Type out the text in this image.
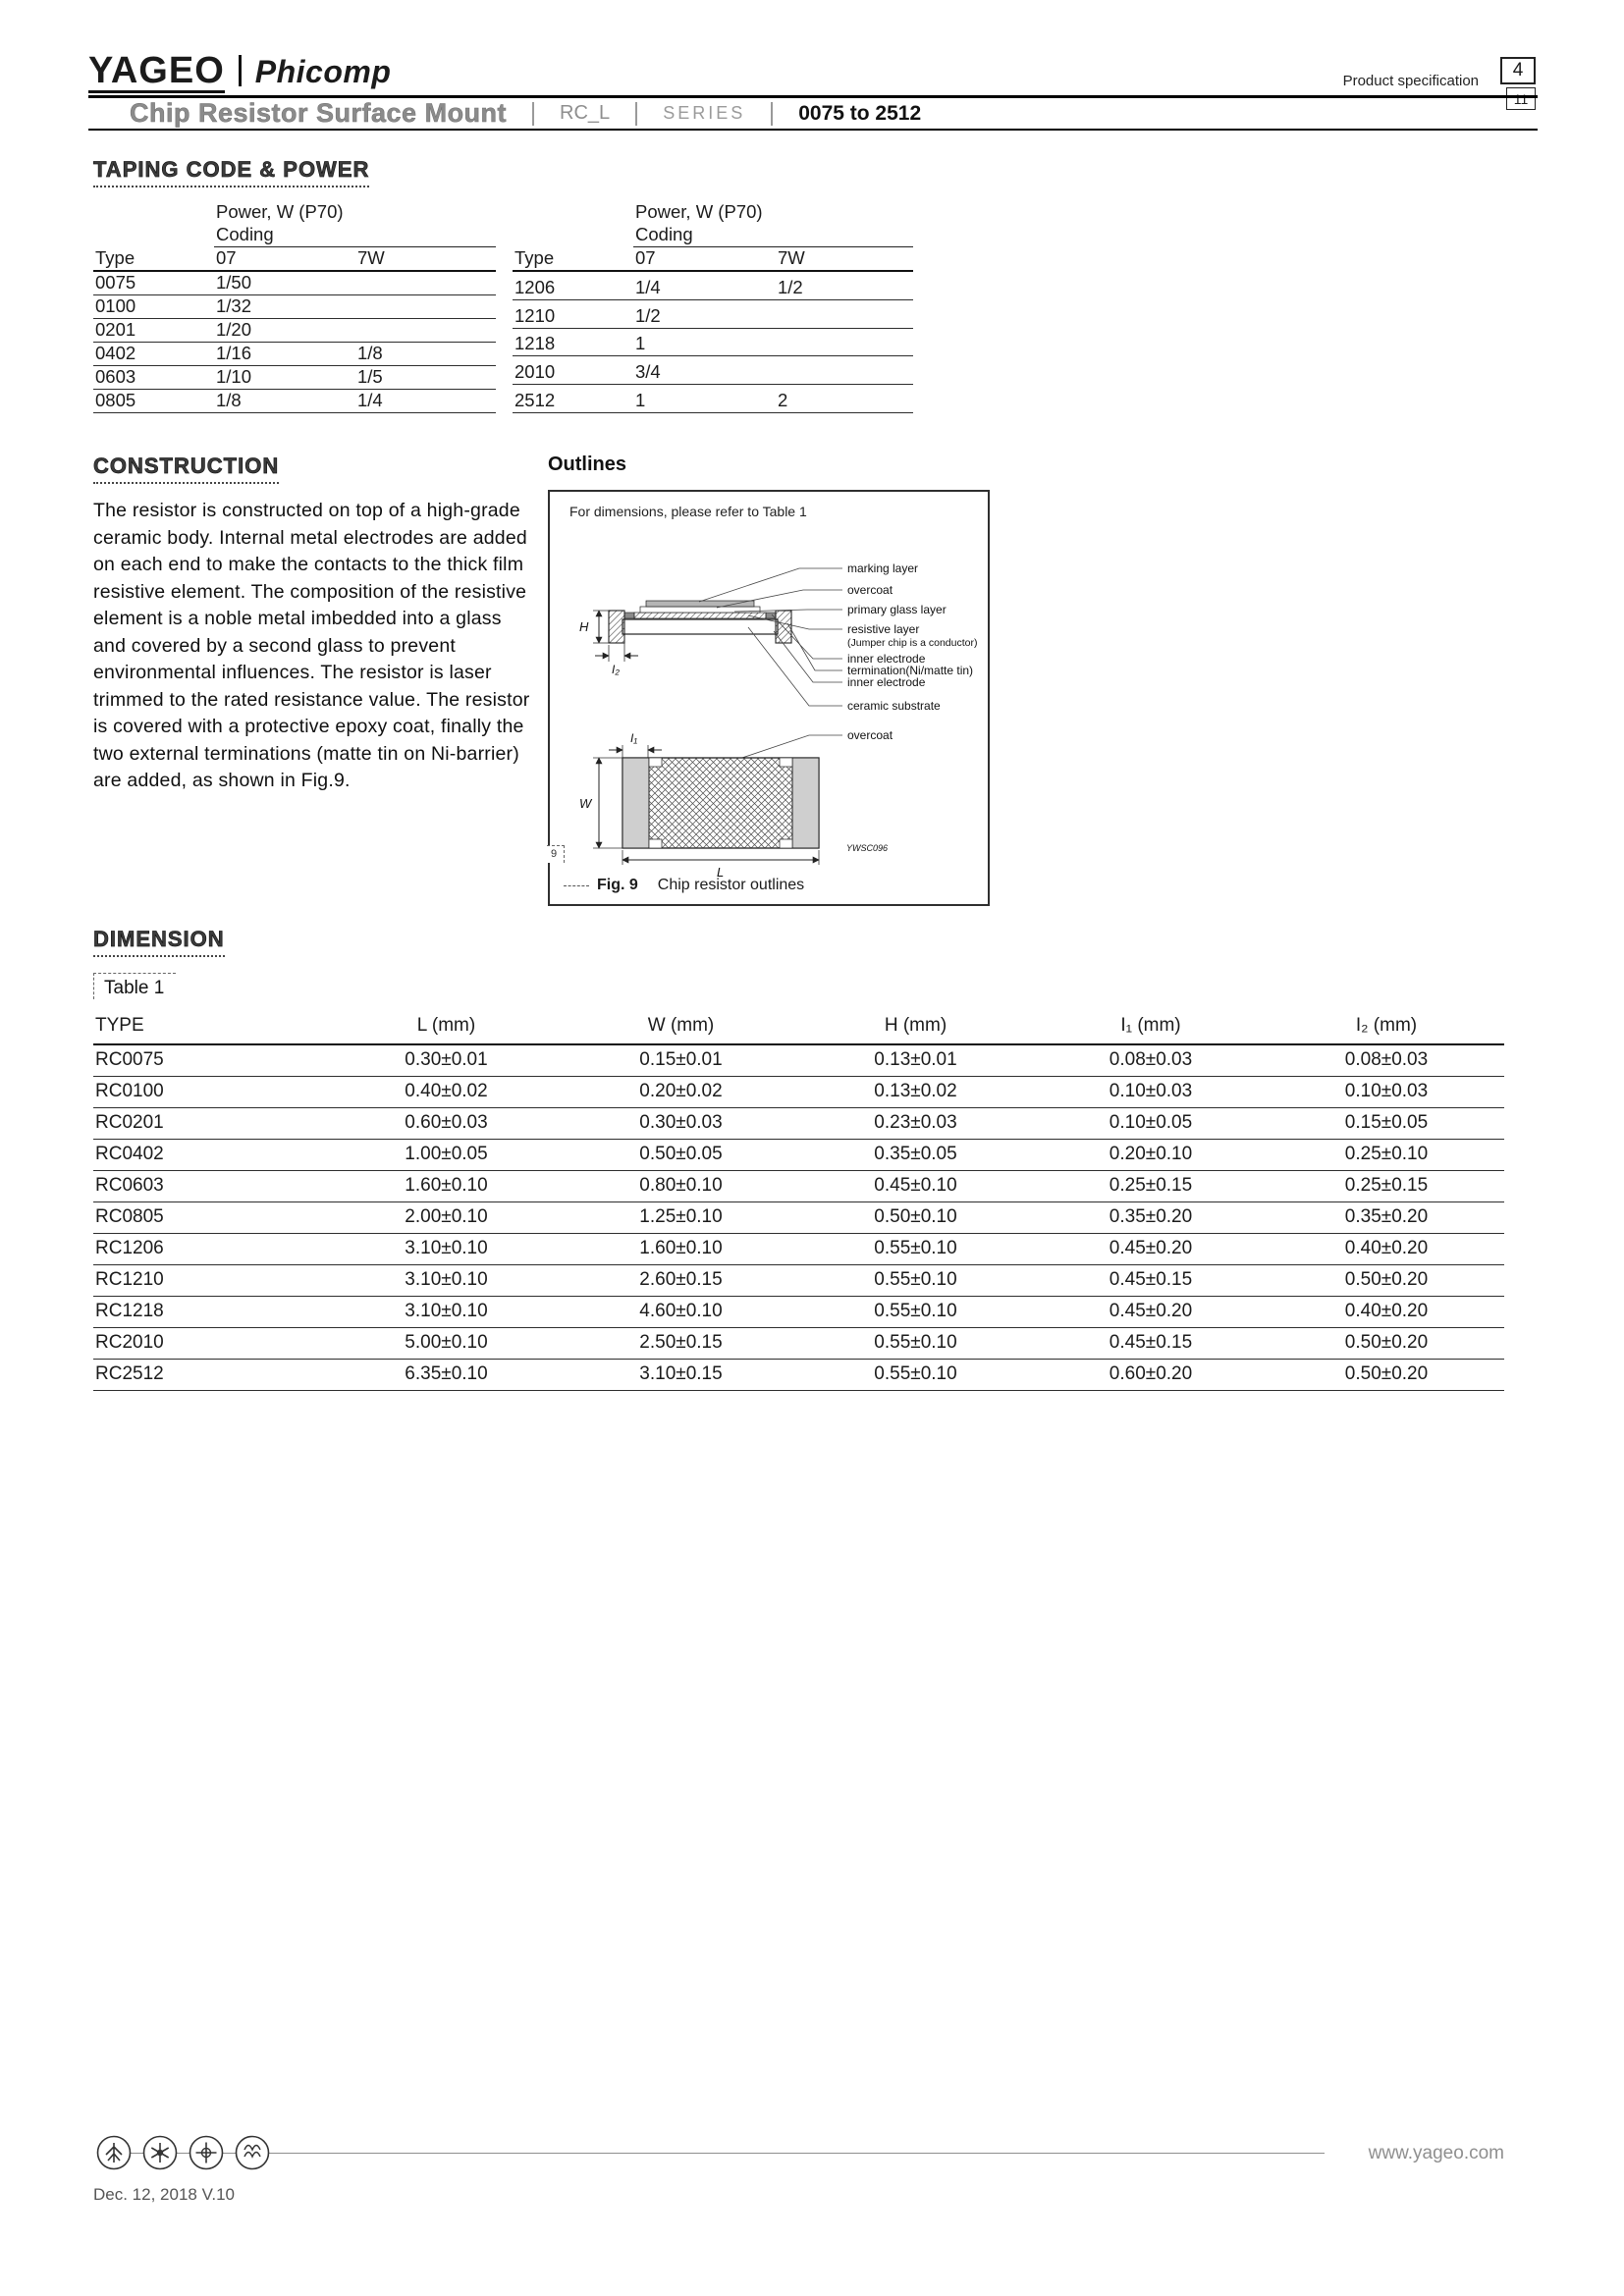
YAGEO Phicomp	Product specification
4
11
Chip Resistor Surface Mount	RC_L	SERIES	0075 to 2512
TAPING CODE & POWER
	Power, W (P70)	
	Coding	
Type	07	7W
0075	1/50	
0100	1/32	
0201	1/20	
0402	1/16	1/8
0603	1/10	1/5
0805	1/8	1/4
	Power, W (P70)	
	Coding	
Type	07	7W
1206	1/4	1/2
1210	1/2	
1218	1	
2010	3/4	
2512	1	2
CONSTRUCTION

The resistor is constructed on top of a high-grade ceramic body. Internal metal electrodes are added on each end to make the contacts to the thick film resistive element. The composition of the resistive element is a noble metal imbedded into a glass and covered by a second glass to prevent environmental influences. The resistor is laser trimmed to the rated resistance value. The resistor is covered with a protective epoxy coat, finally the two external terminations (matte tin on Ni-barrier) are added, as shown in Fig.9.

Outlines
For dimensions, please refer to Table 1
H
I₂
marking layer
overcoat
primary glass layer
resistive layer
(Jumper chip is a conductor)
inner electrode
termination(Ni/matte tin)
inner electrode
ceramic substrate
overcoat
I₁
W
L
YWSC096
9
Fig. 9 Chip resistor outlines
DIMENSION
Table 1
TYPE	L (mm)	W (mm)	H (mm)	I₁ (mm)	I₂ (mm)
RC0075	0.30±0.01	0.15±0.01	0.13±0.01	0.08±0.03	0.08±0.03
RC0100	0.40±0.02	0.20±0.02	0.13±0.02	0.10±0.03	0.10±0.03
RC0201	0.60±0.03	0.30±0.03	0.23±0.03	0.10±0.05	0.15±0.05
RC0402	1.00±0.05	0.50±0.05	0.35±0.05	0.20±0.10	0.25±0.10
RC0603	1.60±0.10	0.80±0.10	0.45±0.10	0.25±0.15	0.25±0.15
RC0805	2.00±0.10	1.25±0.10	0.50±0.10	0.35±0.20	0.35±0.20
RC1206	3.10±0.10	1.60±0.10	0.55±0.10	0.45±0.20	0.40±0.20
RC1210	3.10±0.10	2.60±0.15	0.55±0.10	0.45±0.15	0.50±0.20
RC1218	3.10±0.10	4.60±0.10	0.55±0.10	0.45±0.20	0.40±0.20
RC2010	5.00±0.10	2.50±0.15	0.55±0.10	0.45±0.15	0.50±0.20
RC2512	6.35±0.10	3.10±0.15	0.55±0.10	0.60±0.20	0.50±0.20
www.yageo.com
Dec. 12, 2018 V.10
